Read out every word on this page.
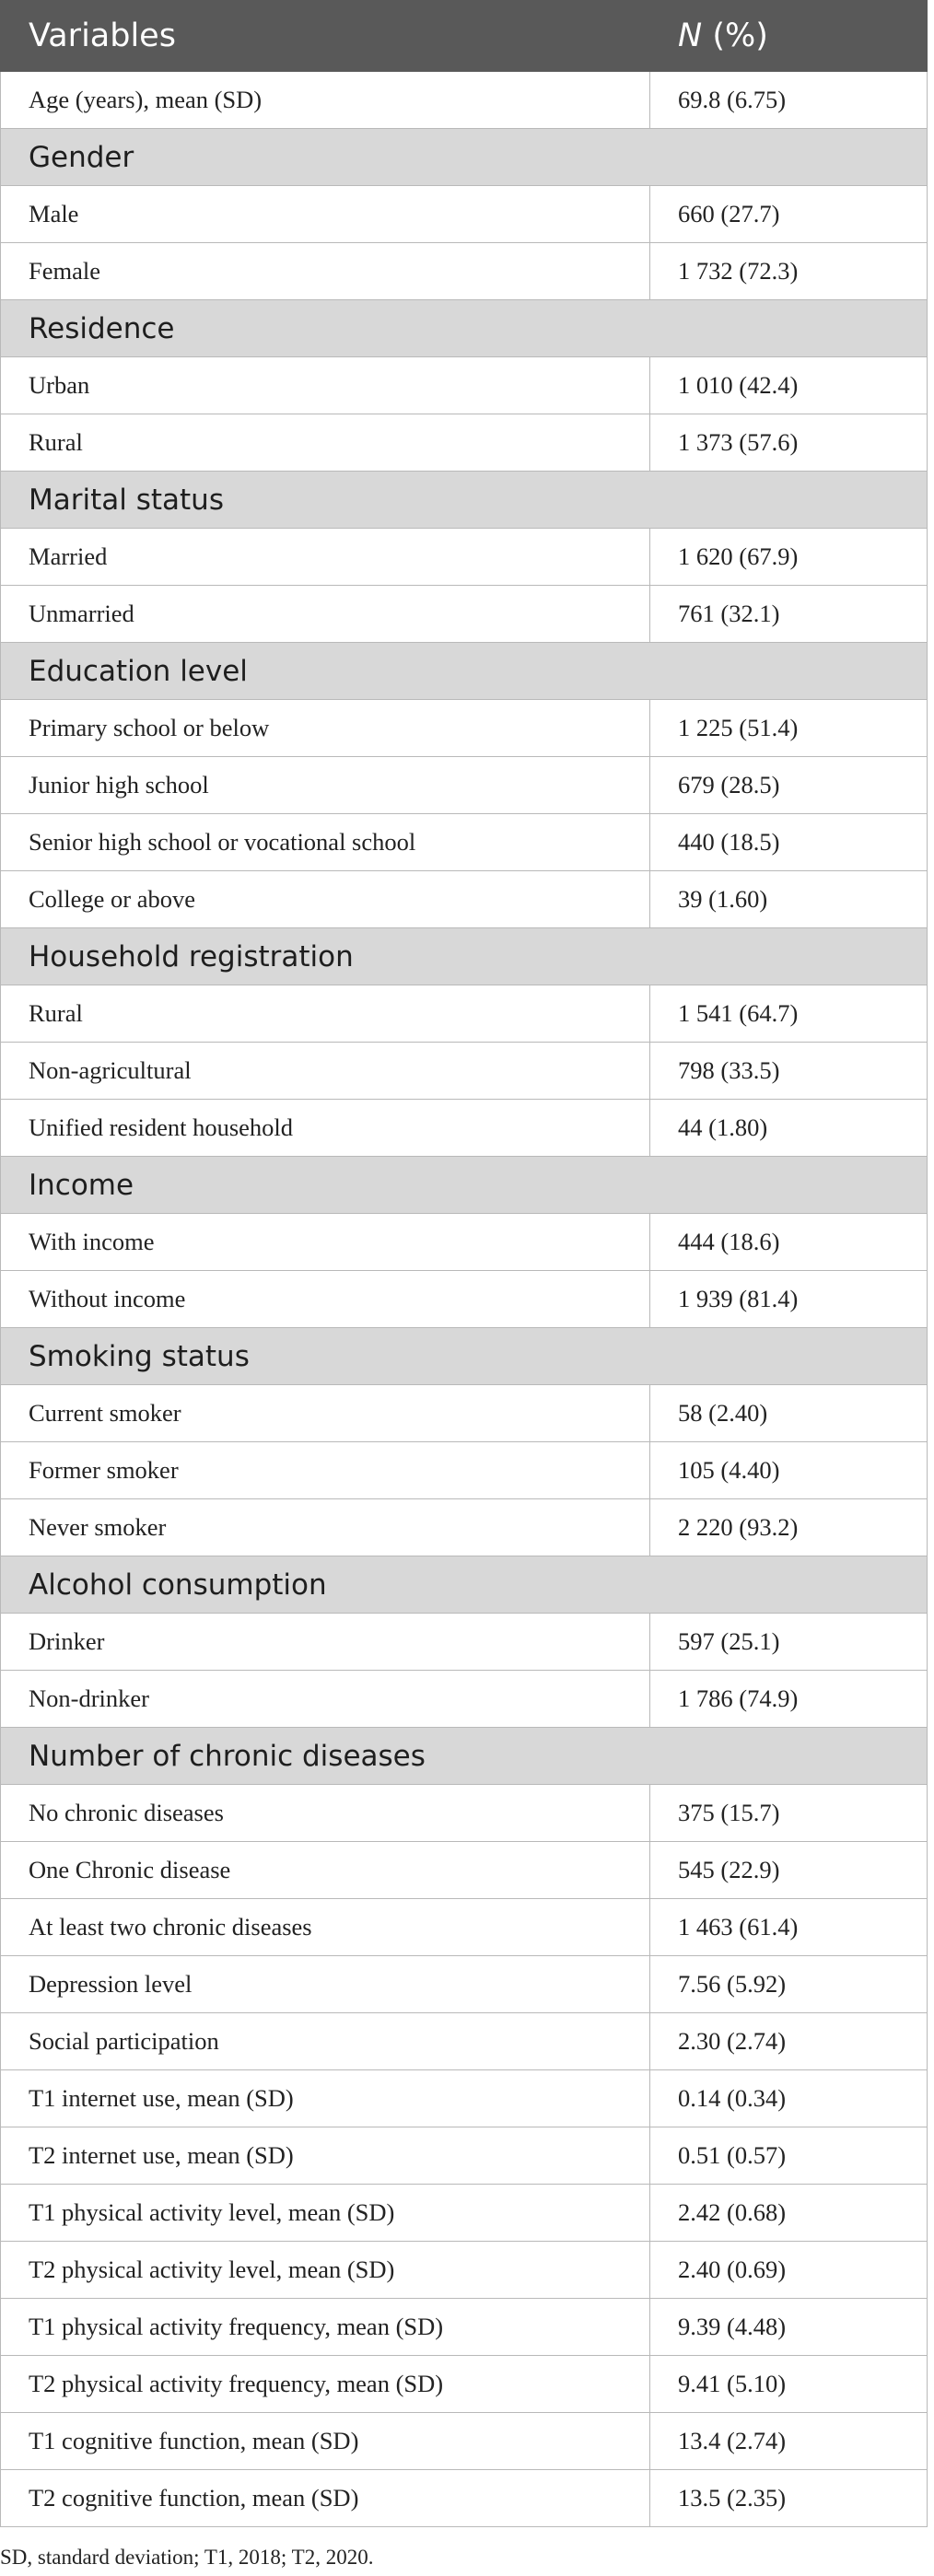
Variables	N (%)
Age (years), mean (SD)	69.8 (6.75)
Gender	
Male	660 (27.7)
Female	1 732 (72.3)
Residence	
Urban	1 010 (42.4)
Rural	1 373 (57.6)
Marital status	
Married	1 620 (67.9)
Unmarried	761 (32.1)
Education level	
Primary school or below	1 225 (51.4)
Junior high school	679 (28.5)
Senior high school or vocational school	440 (18.5)
College or above	39 (1.60)
Household registration	
Rural	1 541 (64.7)
Non-agricultural	798 (33.5)
Unified resident household	44 (1.80)
Income	
With income	444 (18.6)
Without income	1 939 (81.4)
Smoking status	
Current smoker	58 (2.40)
Former smoker	105 (4.40)
Never smoker	2 220 (93.2)
Alcohol consumption	
Drinker	597 (25.1)
Non-drinker	1 786 (74.9)
Number of chronic diseases	
No chronic diseases	375 (15.7)
One Chronic disease	545 (22.9)
At least two chronic diseases	1 463 (61.4)
Depression level	7.56 (5.92)
Social participation	2.30 (2.74)
T1 internet use, mean (SD)	0.14 (0.34)
T2 internet use, mean (SD)	0.51 (0.57)
T1 physical activity level, mean (SD)	2.42 (0.68)
T2 physical activity level, mean (SD)	2.40 (0.69)
T1 physical activity frequency, mean (SD)	9.39 (4.48)
T2 physical activity frequency, mean (SD)	9.41 (5.10)
T1 cognitive function, mean (SD)	13.4 (2.74)
T2 cognitive function, mean (SD)	13.5 (2.35)
SD, standard deviation; T1, 2018; T2, 2020.
